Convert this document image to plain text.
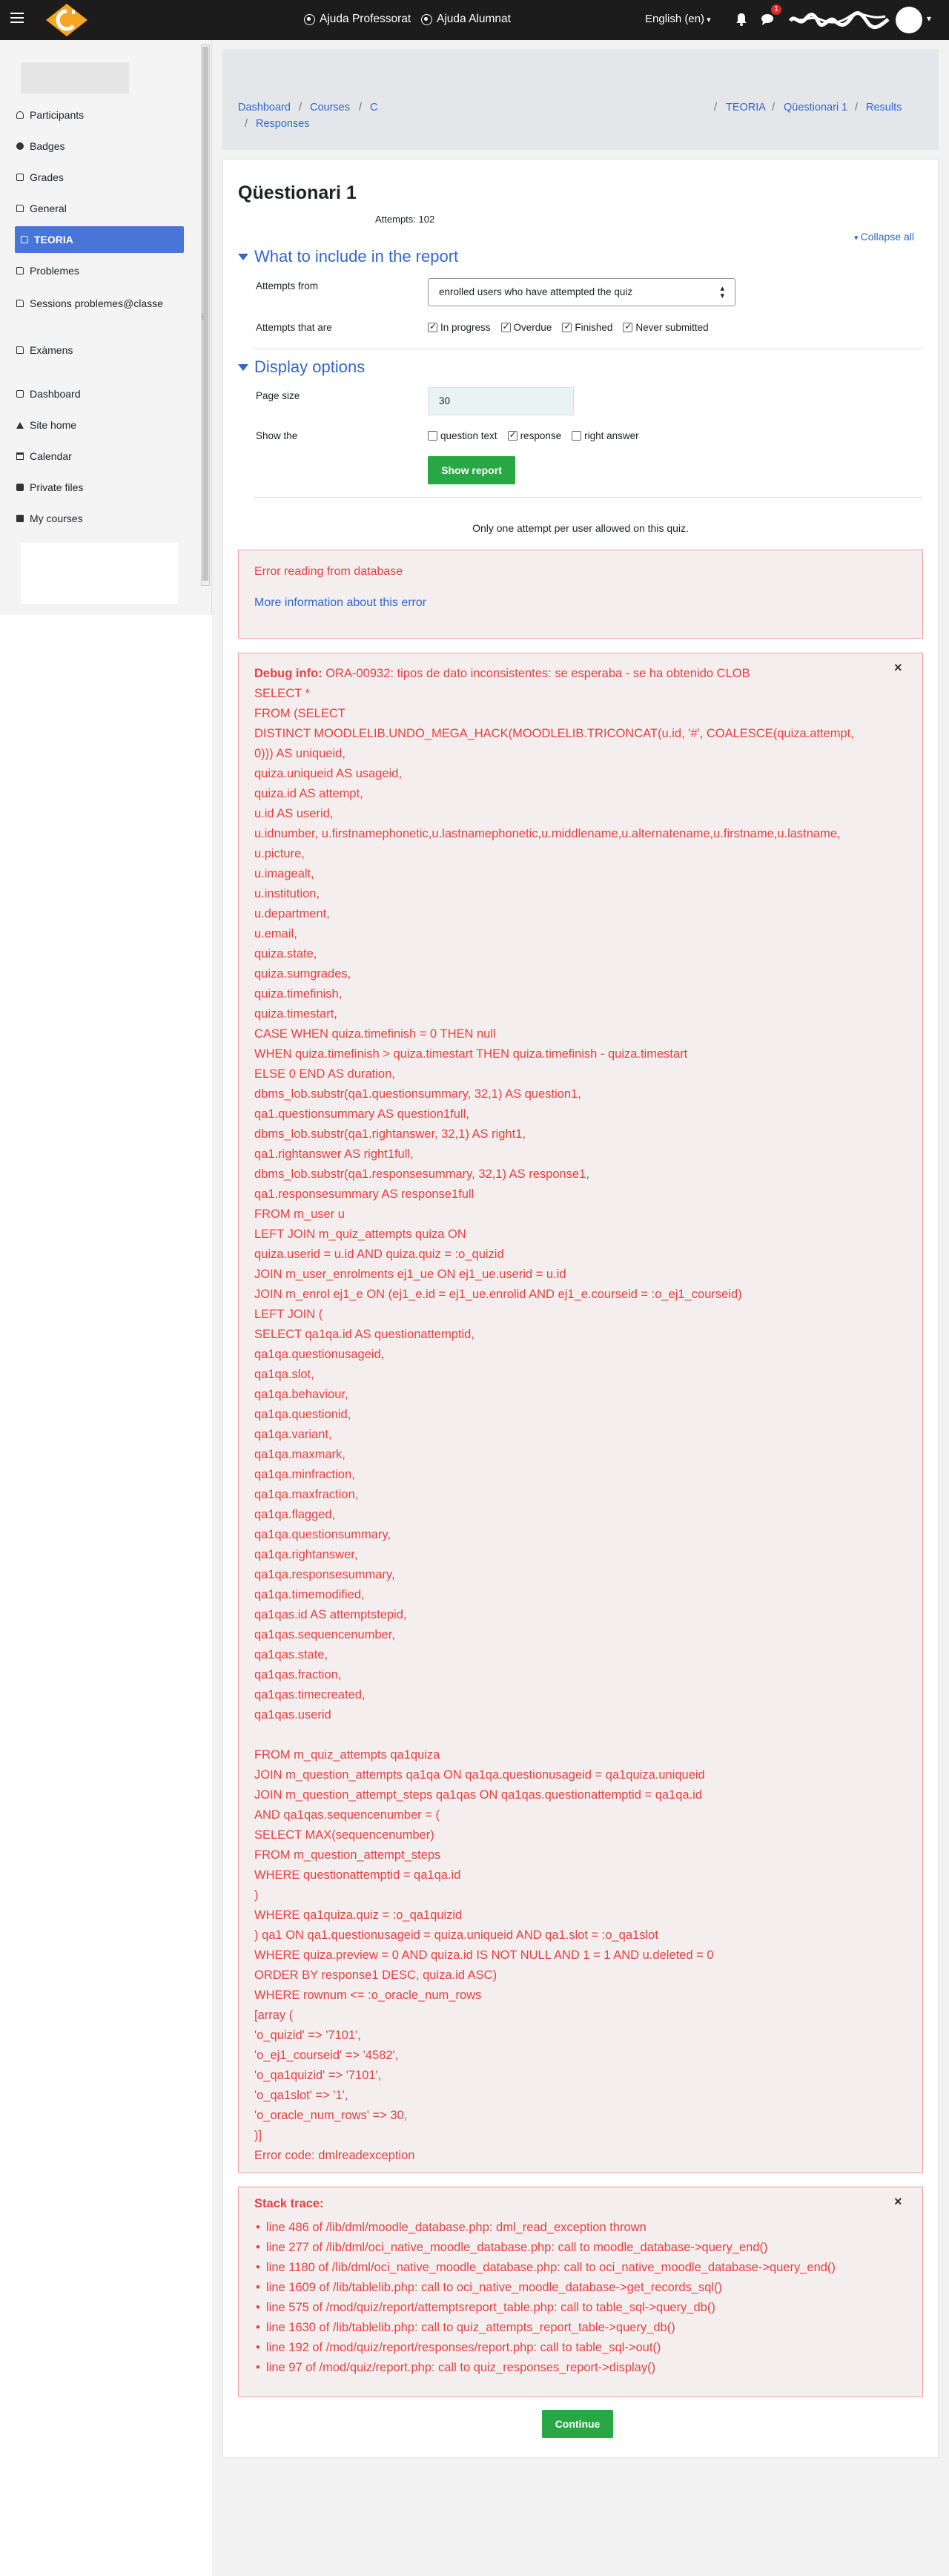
Ajuda Professorat Ajuda Alumnat	English (en) ▾
1
▾
⁞
Participants
Badges
Grades
General
TEORIA
Problemes
Sessions problemes@classe
Exàmens
Dashboard
Site home
Calendar
Private files
My courses
Dashboard / Courses / C
/ Responses
/ TEORIA / Qüestionari 1 / Results
Qüestionari 1
Attempts: 102
▾ Collapse all
What to include in the report
Attempts from
enrolled users who have attempted the quiz	▴
▾
Attempts that are ✓	In progress ✓ Overdue ✓ Finished ✓ Never submitted
Display options
Page size	30
Show the	question text ✓ response right answer
Show report
Only one attempt per user allowed on this quiz.
Error reading from database
More information about this error
×
Debug info: ORA-00932: tipos de dato inconsistentes: se esperaba - se ha obtenido CLOB
SELECT *
FROM (SELECT
DISTINCT MOODLELIB.UNDO_MEGA_HACK(MOODLELIB.TRICONCAT(u.id, '#', COALESCE(quiza.attempt,
0))) AS uniqueid,
quiza.uniqueid AS usageid,
quiza.id AS attempt,
u.id AS userid,
u.idnumber, u.firstnamephonetic,u.lastnamephonetic,u.middlename,u.alternatename,u.firstname,u.lastname,
u.picture,
u.imagealt,
u.institution,
u.department,
u.email,
quiza.state,
quiza.sumgrades,
quiza.timefinish,
quiza.timestart,
CASE WHEN quiza.timefinish = 0 THEN null
WHEN quiza.timefinish > quiza.timestart THEN quiza.timefinish - quiza.timestart
ELSE 0 END AS duration,
dbms_lob.substr(qa1.questionsummary, 32,1) AS question1,
qa1.questionsummary AS question1full,
dbms_lob.substr(qa1.rightanswer, 32,1) AS right1,
qa1.rightanswer AS right1full,
dbms_lob.substr(qa1.responsesummary, 32,1) AS response1,
qa1.responsesummary AS response1full
FROM m_user u
LEFT JOIN m_quiz_attempts quiza ON
quiza.userid = u.id AND quiza.quiz = :o_quizid
JOIN m_user_enrolments ej1_ue ON ej1_ue.userid = u.id
JOIN m_enrol ej1_e ON (ej1_e.id = ej1_ue.enrolid AND ej1_e.courseid = :o_ej1_courseid)
LEFT JOIN (
SELECT qa1qa.id AS questionattemptid,
qa1qa.questionusageid,
qa1qa.slot,
qa1qa.behaviour,
qa1qa.questionid,
qa1qa.variant,
qa1qa.maxmark,
qa1qa.minfraction,
qa1qa.maxfraction,
qa1qa.flagged,
qa1qa.questionsummary,
qa1qa.rightanswer,
qa1qa.responsesummary,
qa1qa.timemodified,
qa1qas.id AS attemptstepid,
qa1qas.sequencenumber,
qa1qas.state,
qa1qas.fraction,
qa1qas.timecreated,
qa1qas.userid
FROM m_quiz_attempts qa1quiza
JOIN m_question_attempts qa1qa ON qa1qa.questionusageid = qa1quiza.uniqueid
JOIN m_question_attempt_steps qa1qas ON qa1qas.questionattemptid = qa1qa.id
AND qa1qas.sequencenumber = (
SELECT MAX(sequencenumber)
FROM m_question_attempt_steps
WHERE questionattemptid = qa1qa.id
)
WHERE qa1quiza.quiz = :o_qa1quizid
) qa1 ON qa1.questionusageid = quiza.uniqueid AND qa1.slot = :o_qa1slot
WHERE quiza.preview = 0 AND quiza.id IS NOT NULL AND 1 = 1 AND u.deleted = 0
ORDER BY response1 DESC, quiza.id ASC)
WHERE rownum <= :o_oracle_num_rows
[array (
'o_quizid' => '7101',
'o_ej1_courseid' => '4582',
'o_qa1quizid' => '7101',
'o_qa1slot' => '1',
'o_oracle_num_rows' => 30,
)]
Error code: dmlreadexception
×
Stack trace:
• line 486 of /lib/dml/moodle_database.php: dml_read_exception thrown
• line 277 of /lib/dml/oci_native_moodle_database.php: call to moodle_database->query_end()
• line 1180 of /lib/dml/oci_native_moodle_database.php: call to oci_native_moodle_database->query_end()
• line 1609 of /lib/tablelib.php: call to oci_native_moodle_database->get_records_sql()
• line 575 of /mod/quiz/report/attemptsreport_table.php: call to table_sql->query_db()
• line 1630 of /lib/tablelib.php: call to quiz_attempts_report_table->query_db()
• line 192 of /mod/quiz/report/responses/report.php: call to table_sql->out()
• line 97 of /mod/quiz/report.php: call to quiz_responses_report->display()
Continue
